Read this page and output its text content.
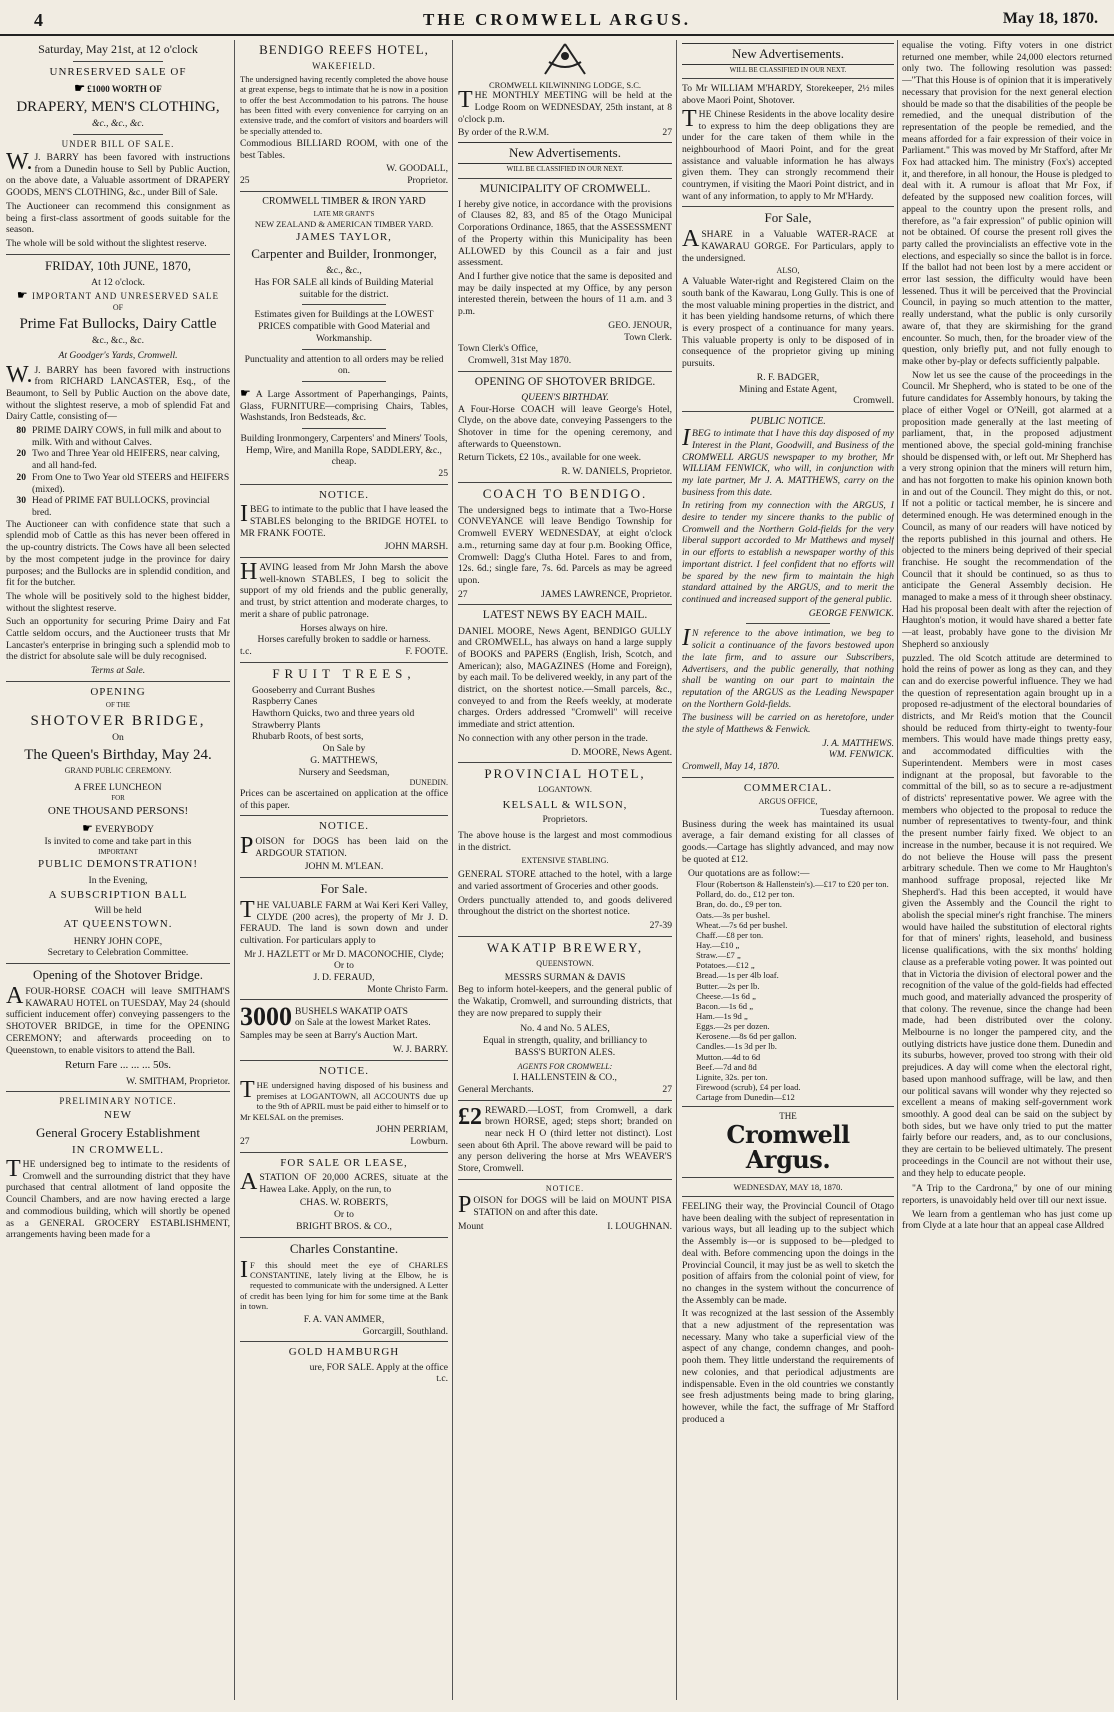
4	THE CROMWELL ARGUS.	May 18, 1870.
Saturday, May 21st, at 12 o'clock
UNRESERVED SALE OF
☛ £1000 WORTH OF
DRAPERY, MEN'S CLOTHING,
&c., &c., &c.
UNDER BILL OF SALE.

W.J. BARRY has been favored with instructions from a Dunedin house to Sell by Public Auction, on the above date, a Valuable assortment of DRAPERY GOODS, MEN'S CLOTHING, &c., under Bill of Sale.

The Auctioneer can recommend this consignment as being a first-class assortment of goods suitable for the season.

The whole will be sold without the slightest reserve.

FRIDAY, 10th JUNE, 1870,
At 12 o'clock.
☛ IMPORTANT AND UNRESERVED SALE
OF
Prime Fat Bullocks, Dairy Cattle
&c., &c., &c.
At Goodger's Yards, Cromwell.

W.J. BARRY has been favored with instructions from RICHARD LANCASTER, Esq., of the Beaumont, to Sell by Public Auction on the above date, without the slightest reserve, a mob of splendid Fat and Dairy Cattle, consisting of—

80 PRIME DAIRY COWS, in full milk and about to milk. With and without Calves.
20 Two and Three Year old HEIFERS, near calving, and all hand-fed.
20 From One to Two Year old STEERS and HEIFERS (mixed).
30 Head of PRIME FAT BULLOCKS, provincial bred.

The Auctioneer can with confidence state that such a splendid mob of Cattle as this has never been offered in the up-country districts. The Cows have all been selected by the most competent judge in the province for dairy purposes; and the Bullocks are in splendid condition, and fit for the butcher.

The whole will be positively sold to the highest bidder, without the slightest reserve.

Such an opportunity for securing Prime Dairy and Fat Cattle seldom occurs, and the Auctioneer trusts that Mr Lancaster's enterprise in bringing such a splendid mob to the district for absolute sale will be duly recognised.

Terms at Sale.
OPENING
OF THE
SHOTOVER BRIDGE,
On
The Queen's Birthday, May 24.
GRAND PUBLIC CEREMONY.
A FREE LUNCHEON
FOR
ONE THOUSAND PERSONS!
☛ EVERYBODY
Is invited to come and take part in this
IMPORTANT
PUBLIC DEMONSTRATION!
In the Evening,
A SUBSCRIPTION BALL
Will be held
AT QUEENSTOWN.
HENRY JOHN COPE,
Secretary to Celebration Committee.
Opening of the Shotover Bridge.

AFOUR-HORSE COACH will leave SMITHAM'S KAWARAU HOTEL on TUESDAY, May 24 (should sufficient inducement offer) conveying passengers to the SHOTOVER BRIDGE, in time for the OPENING CEREMONY; and afterwards proceeding on to Queenstown, to enable visitors to attend the Ball.

Return Fare ... ... ... 50s.
W. SMITHAM, Proprietor.
PRELIMINARY NOTICE.
NEW
General Grocery Establishment
IN CROMWELL.

THE undersigned beg to intimate to the residents of Cromwell and the surrounding district that they have purchased that central allotment of land opposite the Council Chambers, and are now having erected a large and commodious building, which will shortly be opened as a GENERAL GROCERY ESTABLISHMENT, arrangements having been made for a

BENDIGO REEFS HOTEL,
WAKEFIELD.

The undersigned having recently completed the above house at great expense, begs to intimate that he is now in a position to offer the best Accommodation to his patrons. The house has been fitted with every convenience for carrying on an extensive trade, and the comfort of visitors and boarders will be specially attended to.

Commodious BILLIARD ROOM, with one of the best Tables.

W. GOODALL,
25	Proprietor.
CROMWELL TIMBER & IRON YARD
LATE MR GRANT'S
NEW ZEALAND & AMERICAN TIMBER YARD.
JAMES TAYLOR,
Carpenter and Builder, Ironmonger,
&c., &c.,
Has FOR SALE all kinds of Building Material suitable for the district.
Estimates given for Buildings at the LOWEST PRICES compatible with Good Material and Workmanship.
Punctuality and attention to all orders may be relied on.

☛ A Large Assortment of Paperhangings, Paints, Glass, FURNITURE—comprising Chairs, Tables, Washstands, Iron Bedsteads, &c.

Building Ironmongery, Carpenters' and Miners' Tools, Hemp, Wire, and Manilla Rope, SADDLERY, &c., cheap.
25
NOTICE.

IBEG to intimate to the public that I have leased the STABLES belonging to the BRIDGE HOTEL to MR FRANK FOOTE.

JOHN MARSH.

HAVING leased from Mr John Marsh the above well-known STABLES, I beg to solicit the support of my old friends and the public generally, and trust, by strict attention and moderate charges, to merit a share of public patronage.

Horses always on hire.
Horses carefully broken to saddle or harness.
t.c.	F. FOOTE.
FRUIT TREES,
Gooseberry and Currant Bushes
Raspberry Canes
Hawthorn Quicks, two and three years old
Strawberry Plants
Rhubarb Roots, of best sorts,
On Sale by
G. MATTHEWS,
Nursery and Seedsman,
DUNEDIN.

Prices can be ascertained on application at the office of this paper.

NOTICE.

POISON for DOGS has been laid on the ARDGOUR STATION.

JOHN M. M'LEAN.
For Sale.

THE VALUABLE FARM at Wai Keri Keri Valley, CLYDE (200 acres), the property of Mr J. D. FERAUD. The land is sown down and under cultivation. For particulars apply to

Mr J. HAZLETT or Mr D. MACONOCHIE, Clyde;
Or to
J. D. FERAUD,
Monte Christo Farm.
3000 BUSHELS WAKATIP OATS
on Sale at the lowest Market Rates.

Samples may be seen at Barry's Auction Mart.

W. J. BARRY.
NOTICE.

THE undersigned having disposed of his business and premises at LOGANTOWN, all ACCOUNTS due up to the 9th of APRIL must be paid either to himself or to Mr KELSAL on the premises.

JOHN PERRIAM,
27	Lowburn.
FOR SALE OR LEASE,

ASTATION OF 20,000 ACRES, situate at the Hawea Lake. Apply, on the run, to

CHAS. W. ROBERTS,
Or to
BRIGHT BROS. & CO.,
Charles Constantine.

IF this should meet the eye of CHARLES CONSTANTINE, lately living at the Elbow, he is requested to communicate with the undersigned. A Letter of credit has been lying for him for some time at the Bank in town.

F. A. VAN AMMER,
Gorcargill, Southland.
GOLD HAMBURGH
ure, FOR SALE. Apply at the office
t.c.
CROMWELL KILWINNING LODGE, S.C.

THE MONTHLY MEETING will be held at the Lodge Room on WEDNESDAY, 25th instant, at 8 o'clock p.m.

By order of the R.W.M.	27
New Advertisements.
WILL BE CLASSIFIED IN OUR NEXT.
MUNICIPALITY OF CROMWELL.

I hereby give notice, in accordance with the provisions of Clauses 82, 83, and 85 of the Otago Municipal Corporations Ordinance, 1865, that the ASSESSMENT of the Property within this Municipality has been ALLOWED by this Council as a fair and just assessment.

And I further give notice that the same is deposited and may be daily inspected at my Office, by any person interested therein, between the hours of 11 a.m. and 3 p.m.

GEO. JENOUR,
Town Clerk.
Town Clerk's Office,
Cromwell, 31st May 1870.
OPENING OF SHOTOVER BRIDGE.
QUEEN'S BIRTHDAY.

A Four-Horse COACH will leave George's Hotel, Clyde, on the above date, conveying Passengers to the Shotover in time for the opening ceremony, and afterwards to Queenstown.

Return Tickets, £2 10s., available for one week.

R. W. DANIELS, Proprietor.
COACH TO BENDIGO.

The undersigned begs to intimate that a Two-Horse CONVEYANCE will leave Bendigo Township for Cromwell EVERY WEDNESDAY, at eight o'clock a.m., returning same day at four p.m. Booking Office, Cromwell: Dagg's Clutha Hotel. Fares to and from, 12s. 6d.; single fare, 7s. 6d. Parcels as may be agreed upon.

27	JAMES LAWRENCE, Proprietor.
LATEST NEWS BY EACH MAIL.

DANIEL MOORE, News Agent, BENDIGO GULLY and CROMWELL, has always on hand a large supply of BOOKS and PAPERS (English, Irish, Scotch, and American); also, MAGAZINES (Home and Foreign), by each mail. To be delivered weekly, in any part of the district, on the shortest notice.—Small parcels, &c., conveyed to and from the Reefs weekly, at moderate charges. Orders addressed "Cromwell" will receive immediate and strict attention.

No connection with any other person in the trade.

D. MOORE, News Agent.
PROVINCIAL HOTEL,
LOGANTOWN.
KELSALL & WILSON,
Proprietors.

The above house is the largest and most commodious in the district.

EXTENSIVE STABLING.

GENERAL STORE attached to the hotel, with a large and varied assortment of Groceries and other goods.

Orders punctually attended to, and goods delivered throughout the district on the shortest notice.

27-39
WAKATIP BREWERY,
QUEENSTOWN.
MESSRS SURMAN & DAVIS

Beg to inform hotel-keepers, and the general public of the Wakatip, Cromwell, and surrounding districts, that they are now prepared to supply their

No. 4 and No. 5 ALES,
Equal in strength, quality, and brilliancy to
BASS'S BURTON ALES.
AGENTS FOR CROMWELL:
I. HALLENSTEIN & CO.,
General Merchants.	27

£2 REWARD.—LOST, from Cromwell, a dark brown HORSE, aged; steps short; branded on near neck H O (third letter not distinct). Lost seen about 6th April. The above reward will be paid to any person delivering the horse at Mrs WEAVER'S Store, Cromwell.

NOTICE.

POISON for DOGS will be laid on MOUNT PISA STATION on and after this date.

Mount	I. LOUGHNAN.
New Advertisements.
WILL BE CLASSIFIED IN OUR NEXT.

To Mr WILLIAM M'HARDY, Storekeeper, 2½ miles above Maori Point, Shotover.

THE Chinese Residents in the above locality desire to express to him the deep obligations they are under for the care taken of them while in the neighbourhood of Maori Point, and for the great assistance and valuable information he has always given them. They can strongly recommend their countrymen, if visiting the Maori Point district, and in want of any information, to apply to Mr M'Hardy.

For Sale,

ASHARE in a Valuable WATER-RACE at KAWARAU GORGE. For Particulars, apply to the undersigned.

ALSO,

A Valuable Water-right and Registered Claim on the south bank of the Kawarau, Long Gully. This is one of the most valuable mining properties in the district, and it has been yielding handsome returns, of which there is every prospect of a continuance for many years. This valuable property is only to be disposed of in consequence of the proprietor giving up mining pursuits.

R. F. BADGER,
Mining and Estate Agent,
Cromwell.
PUBLIC NOTICE.

IBEG to intimate that I have this day disposed of my Interest in the Plant, Goodwill, and Business of the CROMWELL ARGUS newspaper to my brother, Mr WILLIAM FENWICK, who will, in conjunction with my late partner, Mr J. A. MATTHEWS, carry on the business from this date.

In retiring from my connection with the ARGUS, I desire to tender my sincere thanks to the public of Cromwell and the Northern Gold-fields for the very liberal support accorded to Mr Matthews and myself in our efforts to establish a newspaper worthy of this important district. I feel confident that no efforts will be spared by the new firm to maintain the high standard attained by the ARGUS, and to merit the continued and increased support of the general public.

GEORGE FENWICK.

IN reference to the above intimation, we beg to solicit a continuance of the favors bestowed upon the late firm, and to assure our Subscribers, Advertisers, and the public generally, that nothing shall be wanting on our part to maintain the reputation of the ARGUS as the Leading Newspaper on the Northern Gold-fields.

The business will be carried on as heretofore, under the style of Matthews & Fenwick.

J. A. MATTHEWS.
WM. FENWICK.
Cromwell, May 14, 1870.
COMMERCIAL.
ARGUS OFFICE,
Tuesday afternoon.

Business during the week has maintained its usual average, a fair demand existing for all classes of goods.—Cartage has slightly advanced, and may now be quoted at £12.

Our quotations are as follow:—
Flour (Robertson & Hallenstein's).—£17 to £20 per ton.
Pollard, do. do., £12 per ton.
Bran, do. do., £9 per ton.
Oats.—3s per bushel.
Wheat.—7s 6d per bushel.
Chaff.—£8 per ton.
Hay.—£10 „
Straw.—£7 „
Potatoes.—£12 „
Bread.—1s per 4lb loaf.
Butter.—2s per lb.
Cheese.—1s 6d „
Bacon.—1s 6d „
Ham.—1s 9d „
Eggs.—2s per dozen.
Kerosene.—8s 6d per gallon.
Candles.—1s 3d per lb.
Mutton.—4d to 6d
Beef.—7d and 8d
Lignite, 32s. per ton.
Firewood (scrub), £4 per load.
Cartage from Dunedin—£12
THE
Cromwell Argus.
WEDNESDAY, MAY 18, 1870.

FEELING their way, the Provincial Council of Otago have been dealing with the subject of representation in various ways, but all leading up to the subject which the Assembly is—or is supposed to be—pledged to deal with. Before commencing upon the doings in the Provincial Council, it may just be as well to sketch the position of affairs from the colonial point of view, for no changes in the system without the concurrence of the Assembly can be made.

It was recognized at the last session of the Assembly that a new adjustment of the representation was necessary. Many who take a superficial view of the aspect of any change, condemn changes, and pooh-pooh them. They little understand the requirements of new colonies, and that periodical adjustments are indispensable. Even in the old countries we constantly see fresh adjustments being made to bring glaring, however, while the fact, the suffrage of Mr Stafford produced a

equalise the voting. Fifty voters in one district returned one member, while 24,000 electors returned only two. The following resolution was passed:—"That this House is of opinion that it is imperatively necessary that provision for the next general election should be made so that the disabilities of the people be remedied, and the unequal distribution of the representation of the people be remedied, and the means afforded for a fair expression of their voice in Parliament." This was moved by Mr Stafford, after Mr Fox had attacked him. The ministry (Fox's) accepted it, and therefore, in all honour, the House is pledged to deal with it. A rumour is afloat that Mr Fox, if defeated by the supposed new coalition forces, will appeal to the country upon the present rolls, and therefore, as "a fair expression" of public opinion will not be obtained. Of course the present roll gives the party called the provincialists an effective vote in the elections, and especially so since the ballot is in force. If the ballot had not been lost by a mere accident or error last session, the difficulty would have been lessened. Thus it will be perceived that the Provincial Council, in paying so much attention to the matter, really understand, what the public is only cursorily aware of, that they are skirmishing for the grand encounter. So much, then, for the broader view of the question, only briefly put, and not fully enough to make other by-play or defects sufficiently palpable.

Now let us see the cause of the proceedings in the Council. Mr Shepherd, who is stated to be one of the future candidates for Assembly honours, by taking the place of either Vogel or O'Neill, got alarmed at a proposition made generally at the last meeting of parliament, that, in the proposed adjustment mentioned above, the special gold-mining franchise should be dispensed with, or left out. Mr Shepherd has a very strong opinion that the miners will return him, and has not forgotten to make his opinion known both in and out of the Council. They might do this, or not. If not a politic or tactical member, he is sincere and determined enough. He was determined enough in the Council, as many of our readers will have noticed by the reports published in this journal and others. He objected to the miners being deprived of their special franchise. He sought the recommendation of the Council that it should be continued, so as thus to anticipate the General Assembly decision. He managed to make a mess of it through sheer obstinacy. Had his proposal been dealt with after the rejection of Haughton's motion, it would have shared a better fate—at least, probably have gone to the division Mr Shepherd so anxiously

puzzled. The old Scotch attitude are determined to hold the reins of power as long as they can, and they can and do exercise powerful influence. They we had the question of representation again brought up in a proposed re-adjustment of the electoral boundaries of districts, and Mr Reid's motion that the Council should be reduced from thirty-eight to twenty-four members. This would have made things pretty easy, and accommodated difficulties with the Superintendent. Members were in most cases indignant at the proposal, but favorable to the committal of the bill, so as to secure a re-adjustment of districts' representative power. We agree with the members who objected to the proposal to reduce the number of representatives to twenty-four, and think the present number fairly fixed. We object to an increase in the number, because it is not required. We do not believe the House will pass the present arbitrary schedule. Then we come to Mr Haughton's manhood suffrage proposal, rejected like Mr Shepherd's. Had this been accepted, it would have given the Assembly and the Council the right to abolish the special miner's right franchise. The miners would have hailed the substitution of electoral rights for that of miners' rights, leasehold, and business license qualifications, with the six months' holding clause as a preferable voting power. It was pointed out that in Victoria the division of electoral power and the recognition of the value of the gold-fields had effected much good, and materially advanced the prosperity of that colony. The revenue, since the change had been made, had been distributed over the colony. Melbourne is no longer the pampered city, and the outlying districts have justice done them. Dunedin and its suburbs, however, proved too strong with their old prejudices. A day will come when the electoral right, based upon manhood suffrage, will be law, and then our political savans will wonder why they rejected so excellent a means of making self-government work smoothly. A good deal can be said on the subject by both sides, but we have only tried to put the matter fairly before our readers, and, as to our conclusions, they are certain to be believed ultimately. The present proceedings in the Council are not without their use, and they help to educate people.

"A Trip to the Cardrona," by one of our mining reporters, is unavoidably held over till our next issue.

We learn from a gentleman who has just come up from Clyde at a late hour that an appeal case Alldred
